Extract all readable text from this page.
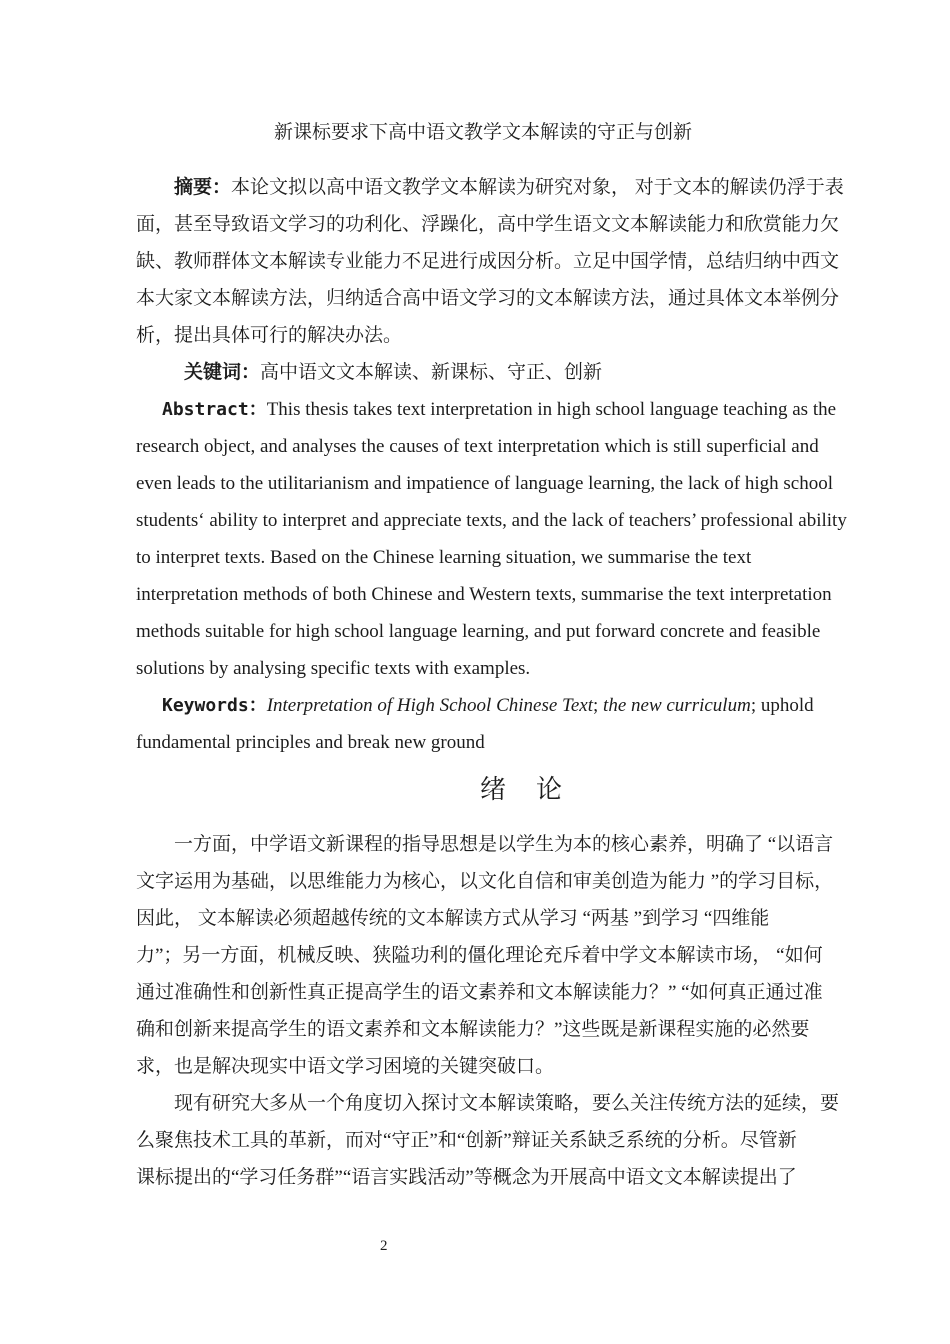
新课标要求下高中语文教学文本解读的守正与创新
摘要：本论文拟以高中语文教学文本解读为研究对象， 对于文本的解读仍浮于表
面，甚至导致语文学习的功利化、浮躁化，高中学生语文文本解读能力和欣赏能力欠
缺、教师群体文本解读专业能力不足进行成因分析。立足中国学情，总结归纳中西文
本大家文本解读方法，归纳适合高中语文学习的文本解读方法，通过具体文本举例分
析，提出具体可行的解决办法。
关键词：高中语文文本解读、新课标、守正、创新
Abstract：This thesis takes text interpretation in high school language teaching as the
research object, and analyses the causes of text interpretation which is still superficial and
even leads to the utilitarianism and impatience of language learning, the lack of high school
students‘ ability to interpret and appreciate texts, and the lack of teachers’ professional ability
to interpret texts. Based on the Chinese learning situation, we summarise the text
interpretation methods of both Chinese and Western texts, summarise the text interpretation
methods suitable for high school language learning, and put forward concrete and feasible
solutions by analysing specific texts with examples.
Keywords：Interpretation of High School Chinese Text; the new curriculum; uphold
fundamental principles and break new ground
绪　论
一方面，中学语文新课程的指导思想是以学生为本的核心素养，明确了 “以语言
文字运用为基础，以思维能力为核心，以文化自信和审美创造为能力 ”的学习目标，
因此， 文本解读必须超越传统的文本解读方式从学习 “两基 ”到学习 “四维能
力”；另一方面，机械反映、狭隘功利的僵化理论充斥着中学文本解读市场， “如何
通过准确性和创新性真正提高学生的语文素养和文本解读能力？” “如何真正通过准
确和创新来提高学生的语文素养和文本解读能力？”这些既是新课程实施的必然要
求，也是解决现实中语文学习困境的关键突破口。
现有研究大多从一个角度切入探讨文本解读策略，要么关注传统方法的延续，要
么聚焦技术工具的革新，而对“守正”和“创新”辩证关系缺乏系统的分析。尽管新
课标提出的“学习任务群”“语言实践活动”等概念为开展高中语文文本解读提出了
2
